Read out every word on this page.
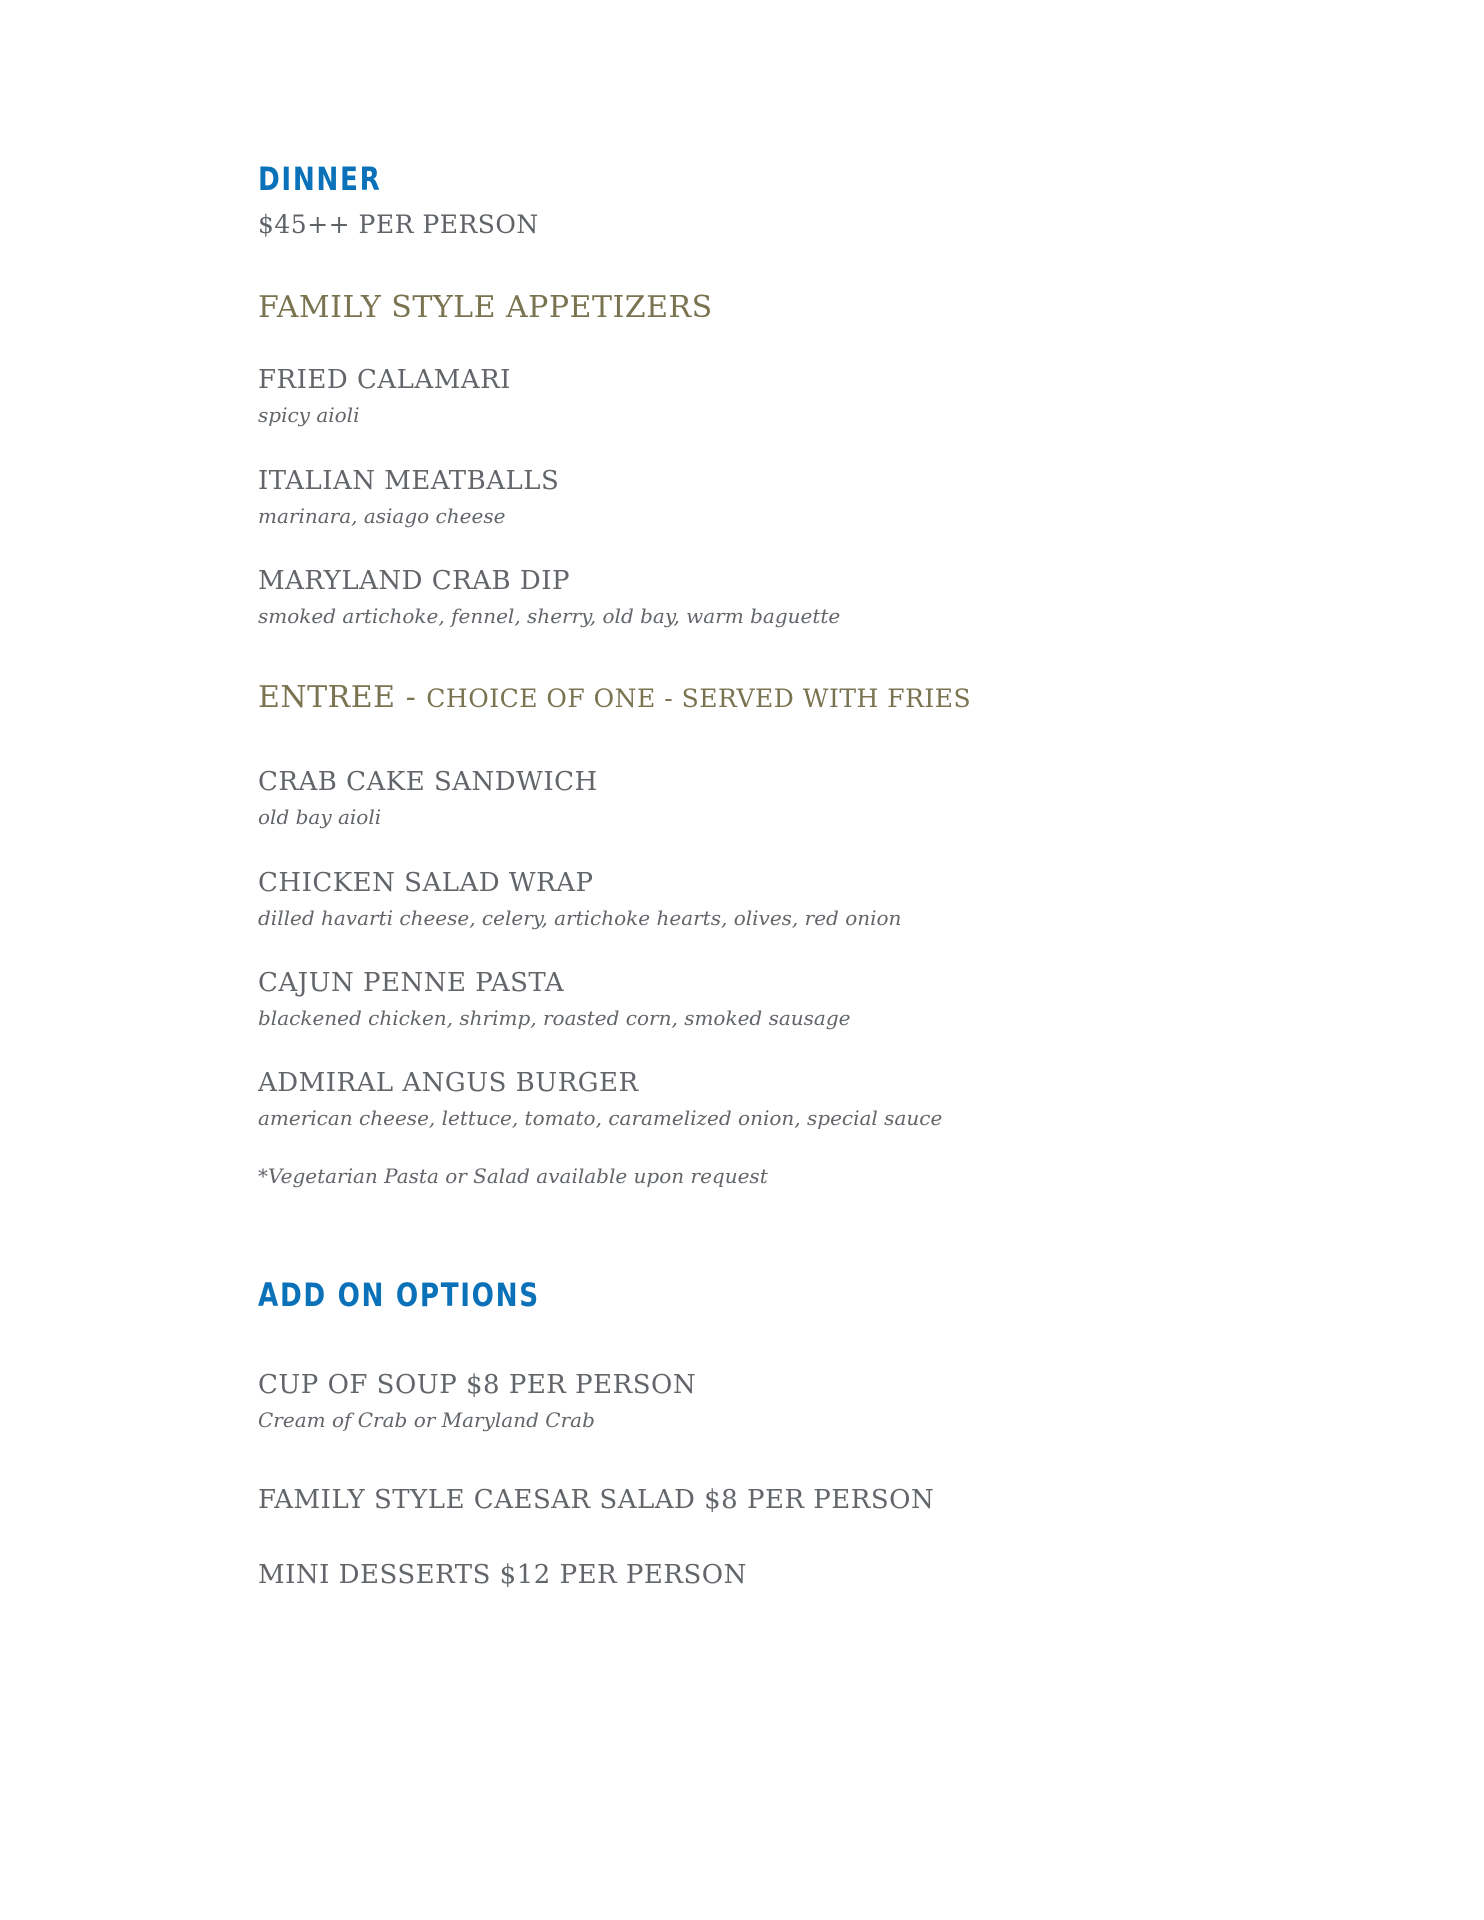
DINNER
$45++ PER PERSON
FAMILY STYLE APPETIZERS
FRIED CALAMARI
spicy aioli
ITALIAN MEATBALLS
marinara, asiago cheese
MARYLAND CRAB DIP
smoked artichoke, fennel, sherry, old bay, warm baguette
ENTREE - CHOICE OF ONE - SERVED WITH FRIES
CRAB CAKE SANDWICH
old bay aioli
CHICKEN SALAD WRAP
dilled havarti cheese, celery, artichoke hearts, olives, red onion
CAJUN PENNE PASTA
blackened chicken, shrimp, roasted corn, smoked sausage
ADMIRAL ANGUS BURGER
american cheese, lettuce, tomato, caramelized onion, special sauce
*Vegetarian Pasta or Salad available upon request
ADD ON OPTIONS
CUP OF SOUP $8 PER PERSON
Cream of Crab or Maryland Crab
FAMILY STYLE CAESAR SALAD $8 PER PERSON
MINI DESSERTS $12 PER PERSON
